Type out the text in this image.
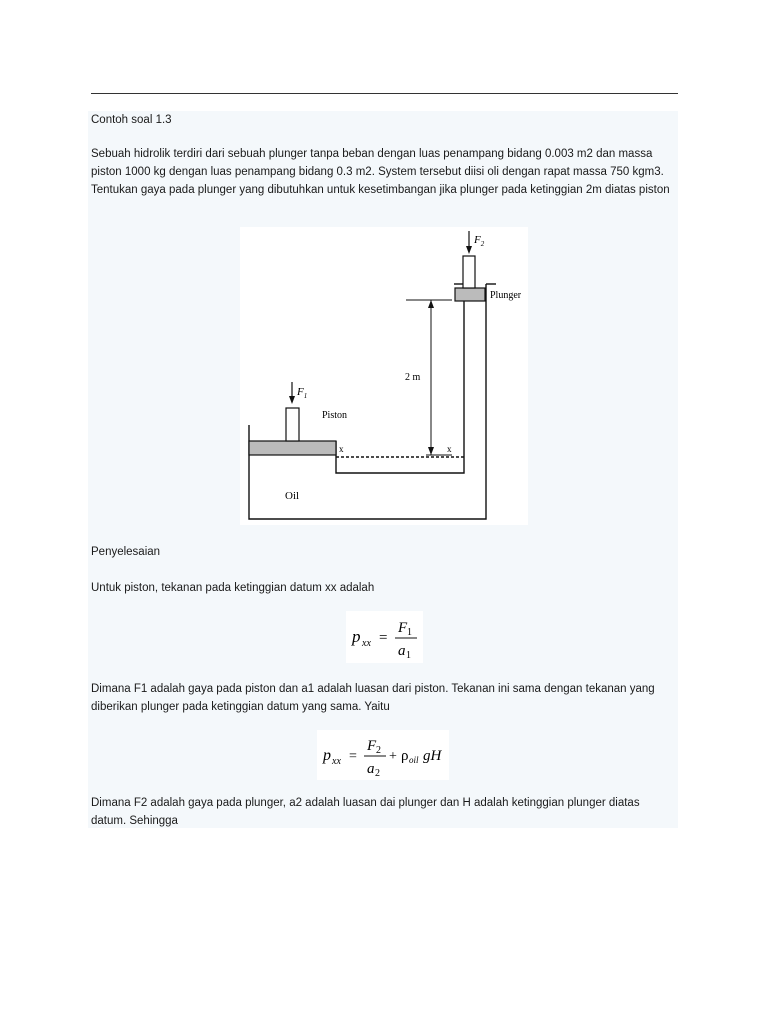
Contoh soal 1.3
Sebuah hidrolik terdiri dari sebuah plunger tanpa beban dengan luas penampang bidang 0.003 m2 dan massa piston 1000 kg dengan luas penampang bidang 0.3 m2. System tersebut diisi oli dengan rapat massa 750 kgm3. Tentukan gaya pada plunger yang dibutuhkan untuk kesetimbangan jika plunger pada ketinggian 2m diatas piston
$F_2$
$F_1$
Plunger
Piston
2 m
x	x
Oil
Penyelesaian
Untuk piston, tekanan pada ketinggian datum xx adalah
p xx =
F 1
a 1
Dimana F1 adalah gaya pada piston dan a1 adalah luasan dari piston. Tekanan ini sama dengan tekanan yang diberikan plunger pada ketinggian datum yang sama. Yaitu
p xx =
F 2
a 2
+ ρ oil gH
Dimana F2 adalah gaya pada plunger, a2 adalah luasan dai plunger dan H adalah ketinggian plunger diatas datum. Sehingga
